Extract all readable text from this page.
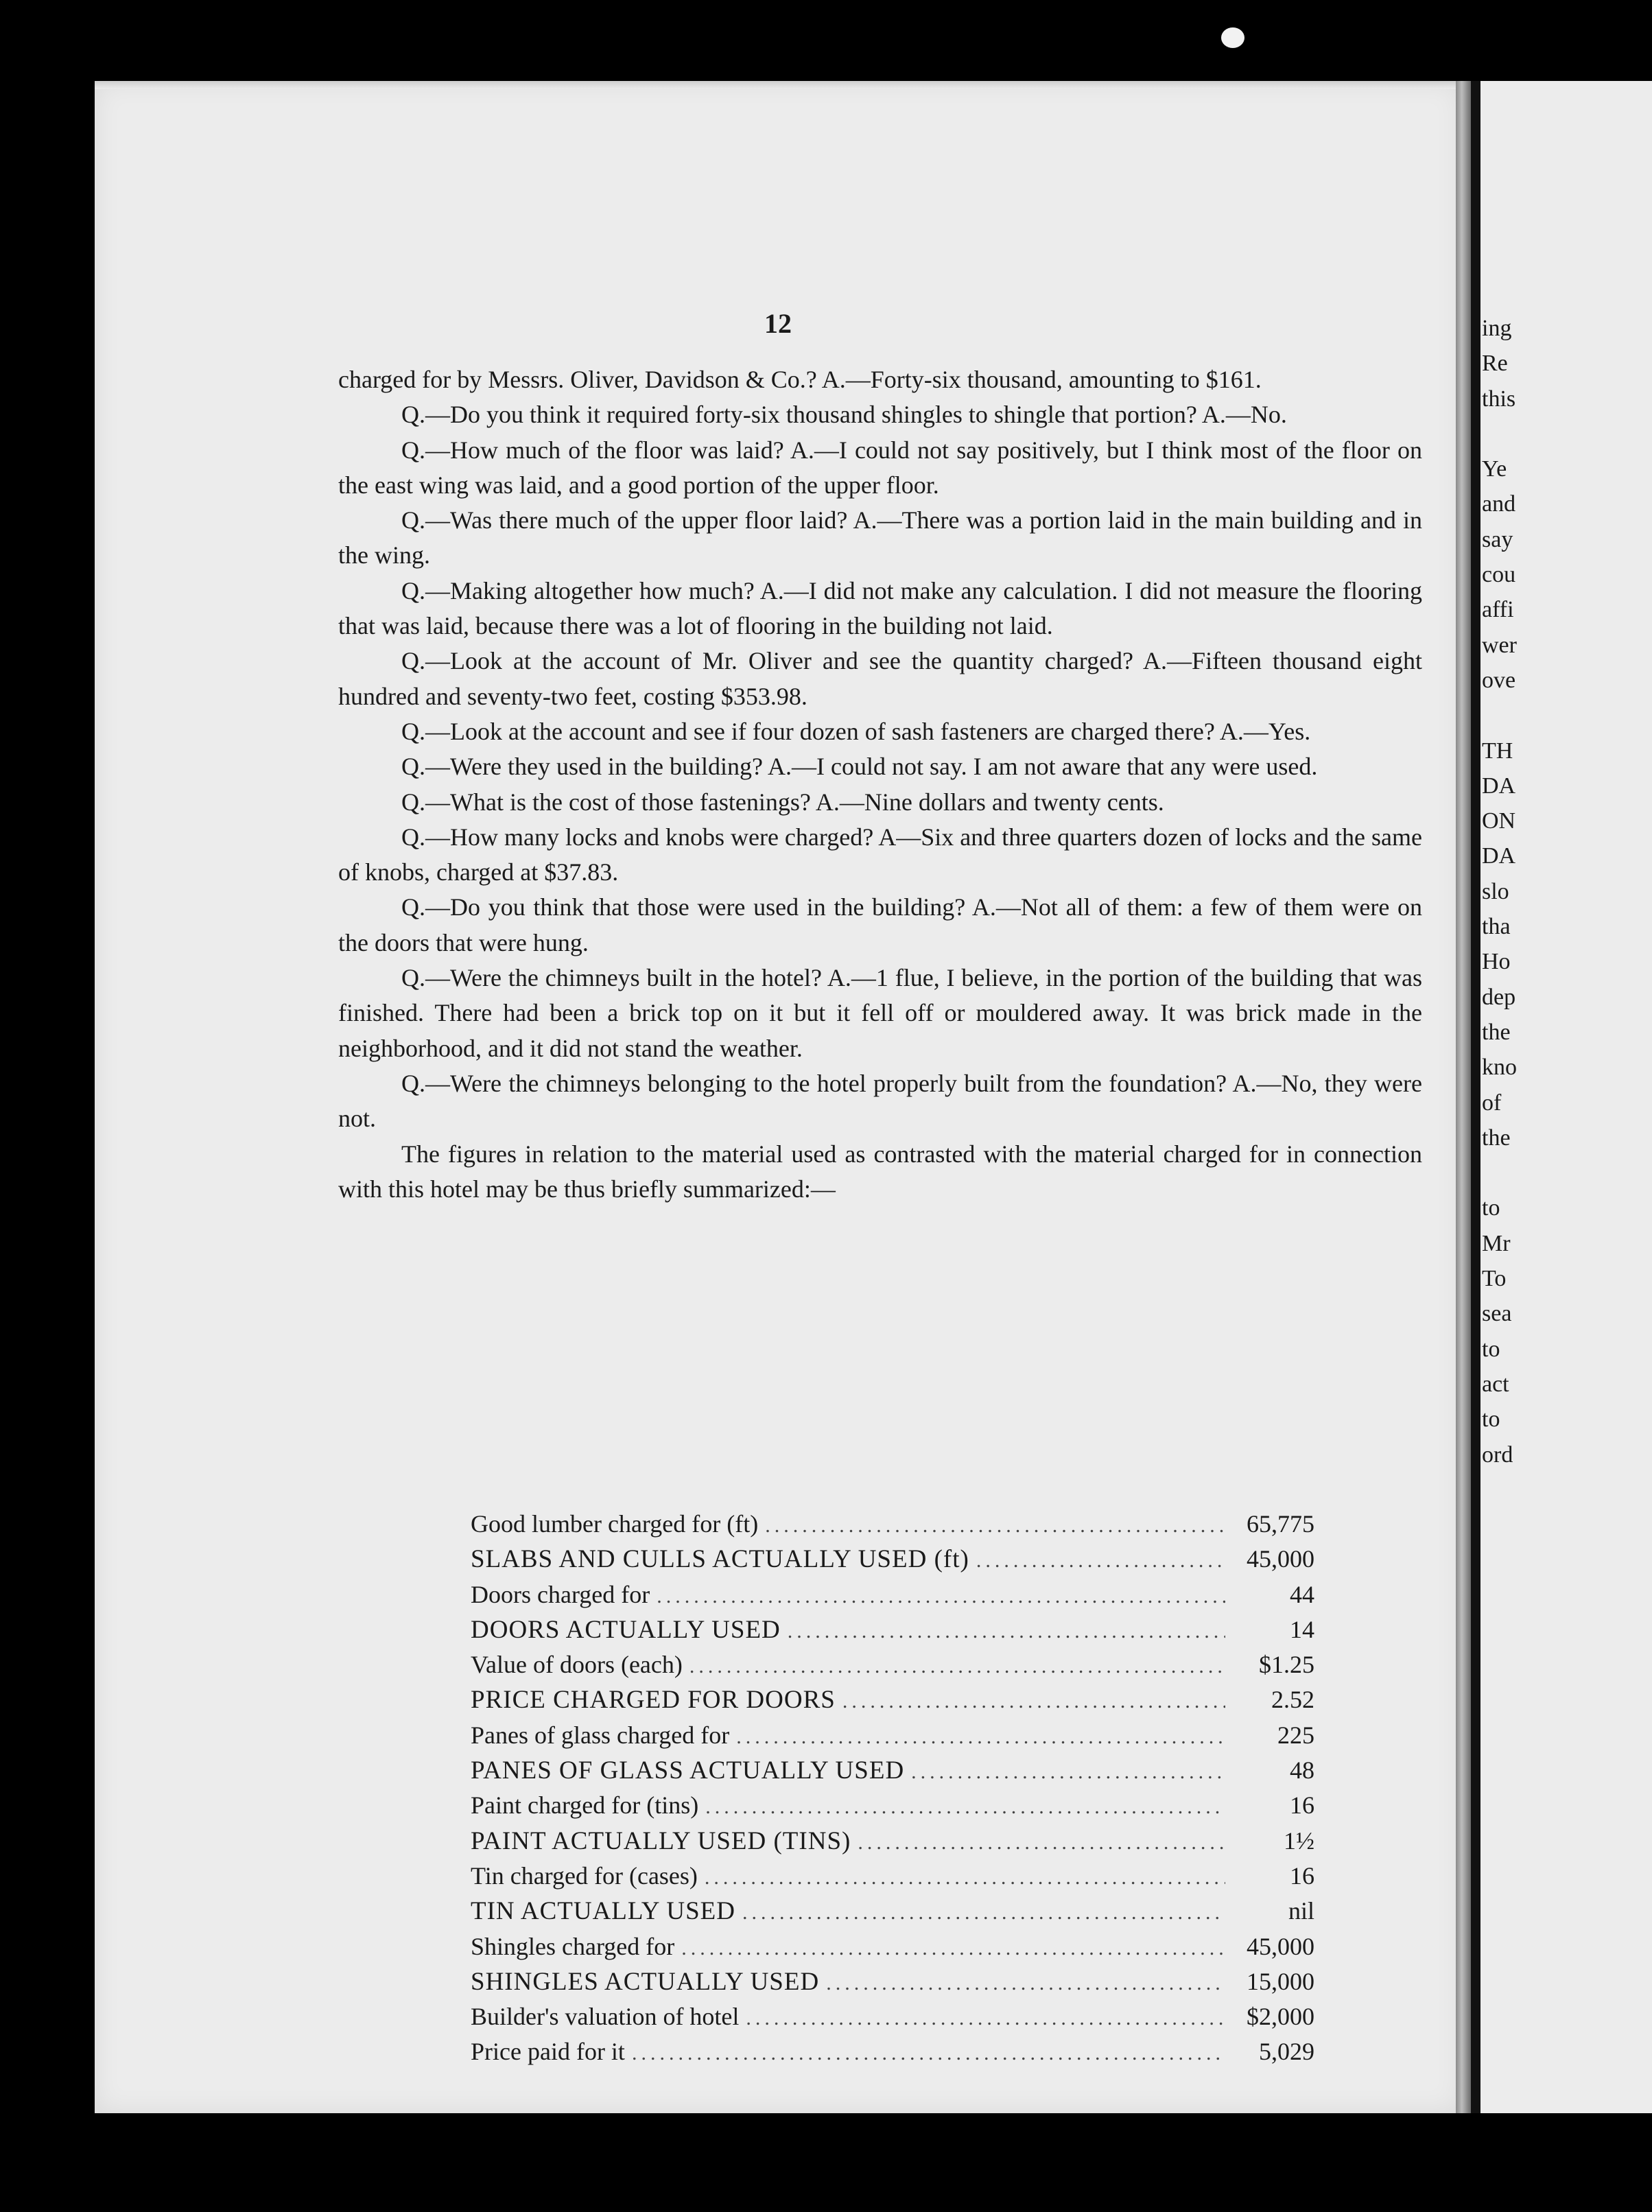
12

charged for by Messrs. Oliver, Davidson & Co.? A.—Forty-six thousand, amounting to $161.

Q.—Do you think it required forty-six thousand shingles to shingle that portion? A.—No.

Q.—How much of the floor was laid? A.—I could not say positively, but I think most of the floor on the east wing was laid, and a good portion of the upper floor.

Q.—Was there much of the upper floor laid? A.—There was a portion laid in the main building and in the wing.

Q.—Making altogether how much? A.—I did not make any calculation. I did not measure the flooring that was laid, because there was a lot of flooring in the building not laid.

Q.—Look at the account of Mr. Oliver and see the quantity charged? A.—Fifteen thousand eight hundred and seventy-two feet, costing $353.98.

Q.—Look at the account and see if four dozen of sash fasteners are charged there? A.—Yes.

Q.—Were they used in the building? A.—I could not say. I am not aware that any were used.

Q.—What is the cost of those fastenings? A.—Nine dollars and twenty cents.

Q.—How many locks and knobs were charged? A—Six and three quarters dozen of locks and the same of knobs, charged at $37.83.

Q.—Do you think that those were used in the building? A.—Not all of them: a few of them were on the doors that were hung.

Q.—Were the chimneys built in the hotel? A.—1 flue, I believe, in the portion of the building that was finished. There had been a brick top on it but it fell off or mouldered away. It was brick made in the neighborhood, and it did not stand the weather.

Q.—Were the chimneys belonging to the hotel properly built from the foundation? A.—No, they were not.

The figures in relation to the material used as contrasted with the material charged for in connection with this hotel may be thus briefly summarized:—

Good lumber charged for (ft) .....	65,775
SLABS AND CULLS ACTUALLY USED (ft) .....	45,000
Doors charged for .....	44
DOORS ACTUALLY USED .....	14
Value of doors (each) .....	$1.25
PRICE CHARGED FOR DOORS .....	2.52
Panes of glass charged for .....	225
PANES OF GLASS ACTUALLY USED .....	48
Paint charged for (tins) .....	16
PAINT ACTUALLY USED (TINS) .....	1½
Tin charged for (cases) .....	16
TIN ACTUALLY USED .....	nil
Shingles charged for .....	45,000
SHINGLES ACTUALLY USED .....	15,000
Builder's valuation of hotel .....	$2,000
Price paid for it .....	5,029
ing
Re
this
Ye
and
say
cou
affi
wer
ove
TH
DA
ON
DA
slo
tha
Ho
dep
the
kno
of
the
to
Mr
To
sea
to
act
to
ord
